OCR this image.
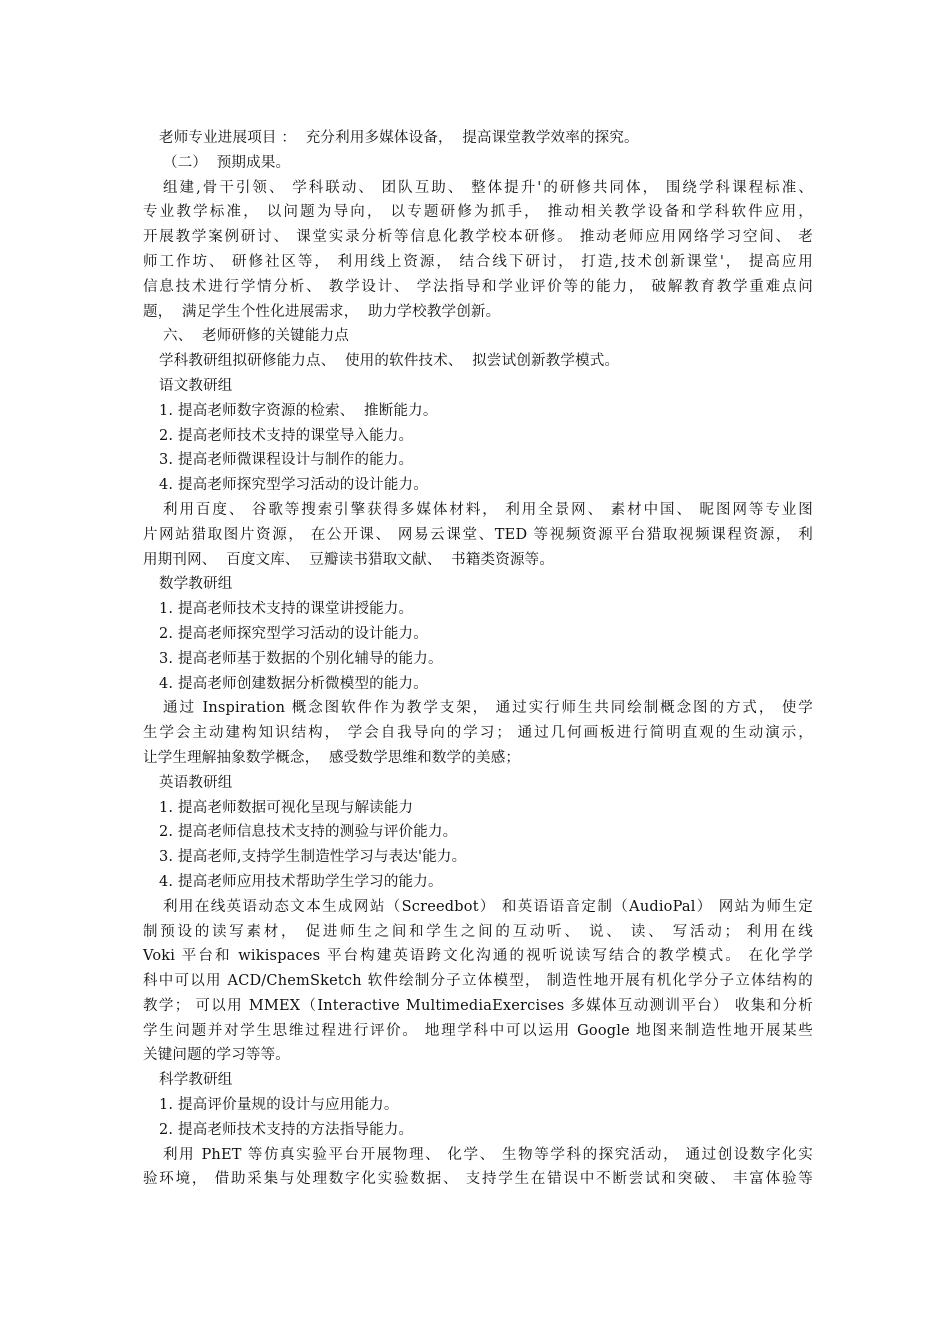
老师专业进展项目 ：  充分利用多媒体设备，  提高课堂教学效率的探究。
（二）  预期成果。
组建,骨干引领、 学科联动、 团队互助、 整体提升'的研修共同体， 围绕学科课程标准、
专业教学标准， 以问题为导向， 以专题研修为抓手， 推动相关教学设备和学科软件应用，
开展教学案例研讨、 课堂实录分析等信息化教学校本研修。 推动老师应用网络学习空间、 老
师工作坊、 研修社区等， 利用线上资源， 结合线下研讨， 打造,技术创新课堂'， 提高应用
信息技术进行学情分析、 教学设计、 学法指导和学业评价等的能力， 破解教育教学重难点问
题，  满足学生个性化进展需求，  助力学校教学创新。
六、  老师研修的关键能力点
学科教研组拟研修能力点、  使用的软件技术、  拟尝试创新教学模式。
语文教研组
1. 提高老师数字资源的检索、  推断能力。
2. 提高老师技术支持的课堂导入能力。
3. 提高老师微课程设计与制作的能力。
4. 提高老师探究型学习活动的设计能力。
利用百度、 谷歌等搜索引擎获得多媒体材料， 利用全景网、 素材中国、 昵图网等专业图
片网站猎取图片资源， 在公开课、 网易云课堂、TED 等视频资源平台猎取视频课程资源， 利
用期刊网、  百度文库、  豆瓣读书猎取文献、  书籍类资源等。
数学教研组
1. 提高老师技术支持的课堂讲授能力。
2. 提高老师探究型学习活动的设计能力。
3. 提高老师基于数据的个别化辅导的能力。
4. 提高老师创建数据分析微模型的能力。
通过 Inspiration 概念图软件作为教学支架， 通过实行师生共同绘制概念图的方式， 使学
生学会主动建构知识结构， 学会自我导向的学习； 通过几何画板进行简明直观的生动演示，
让学生理解抽象数学概念，  感受数学思维和数学的美感；
英语教研组
1. 提高老师数据可视化呈现与解读能力
2. 提高老师信息技术支持的测验与评价能力。
3. 提高老师,支持学生制造性学习与表达'能力。
4. 提高老师应用技术帮助学生学习的能力。
利用在线英语动态文本生成网站（Screedbot） 和英语语音定制（AudioPal） 网站为师生定
制预设的读写素材， 促进师生之间和学生之间的互动听、 说、 读、 写活动； 利用在线
Voki 平台和 wikispaces 平台构建英语跨文化沟通的视听说读写结合的教学模式。 在化学学
科中可以用 ACD/ChemSketch 软件绘制分子立体模型， 制造性地开展有机化学分子立体结构的
教学； 可以用 MMEX（Interactive MultimediaExercises 多媒体互动测训平台） 收集和分析
学生问题并对学生思维过程进行评价。 地理学科中可以运用 Google 地图来制造性地开展某些
关键问题的学习等等。
科学教研组
1. 提高评价量规的设计与应用能力。
2. 提高老师技术支持的方法指导能力。
利用 PhET 等仿真实验平台开展物理、 化学、 生物等学科的探究活动， 通过创设数字化实
验环境， 借助采集与处理数字化实验数据、 支持学生在错误中不断尝试和突破、 丰富体验等
